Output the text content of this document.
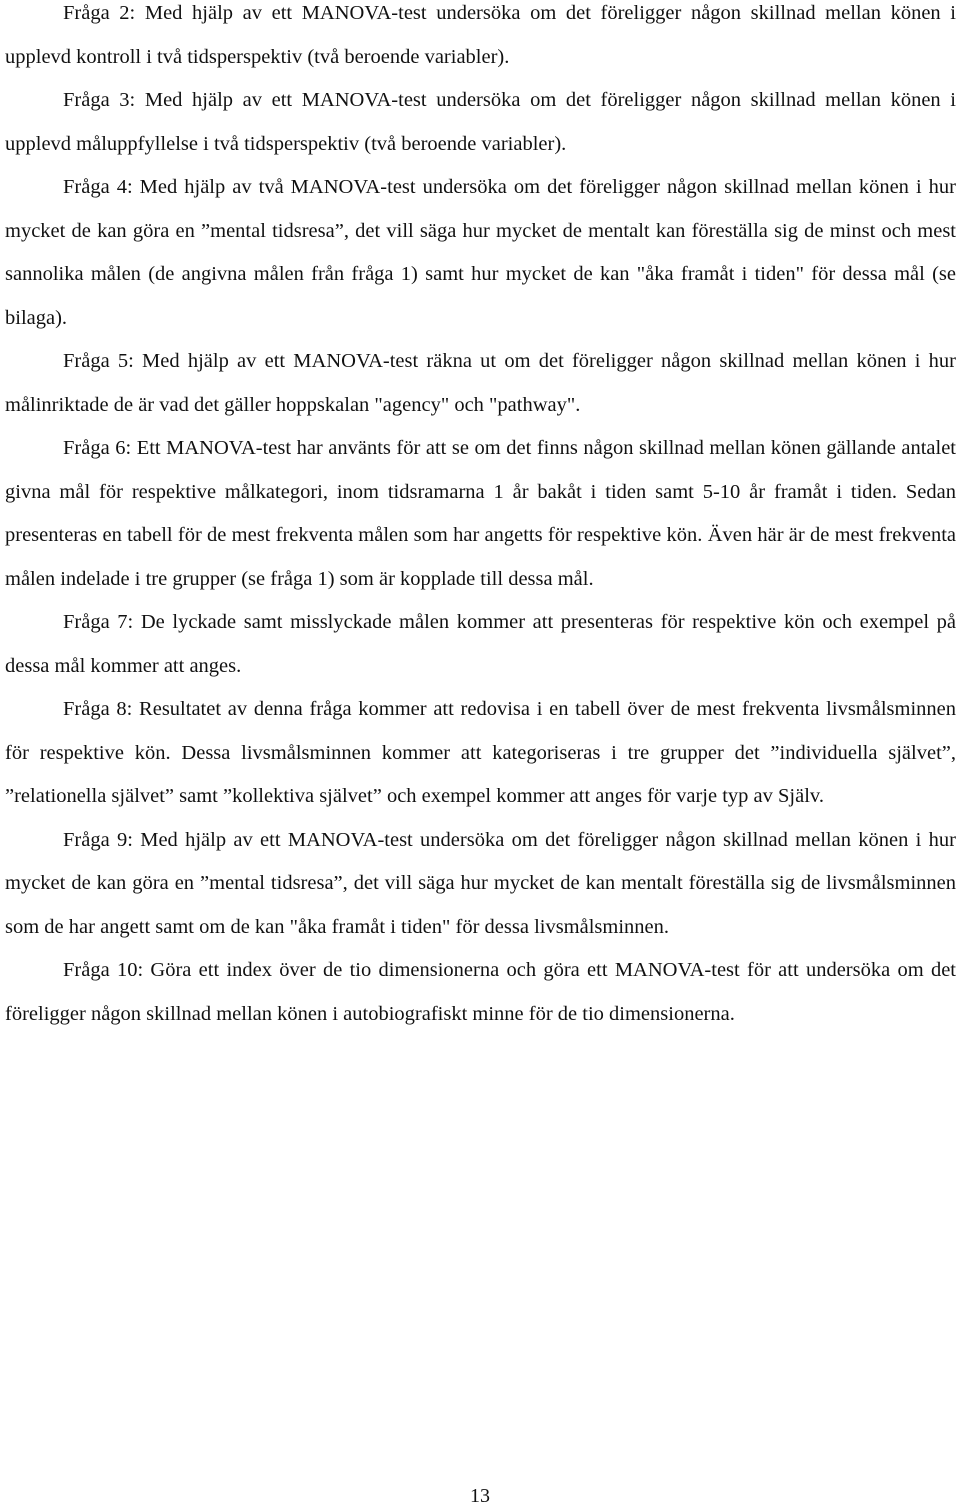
Fråga 2: Med hjälp av ett MANOVA-test undersöka om det föreligger någon skillnad mellan könen i upplevd kontroll i två tidsperspektiv (två beroende variabler).

Fråga 3: Med hjälp av ett MANOVA-test undersöka om det föreligger någon skillnad mellan könen i upplevd måluppfyllelse i två tidsperspektiv (två beroende variabler).

Fråga 4: Med hjälp av två MANOVA-test undersöka om det föreligger någon skillnad mellan könen i hur mycket de kan göra en ”mental tidsresa”, det vill säga hur mycket de mentalt kan föreställa sig de minst och mest sannolika målen (de angivna målen från fråga 1) samt hur mycket de kan "åka framåt i tiden" för dessa mål (se bilaga).

Fråga 5: Med hjälp av ett MANOVA-test räkna ut om det föreligger någon skillnad mellan könen i hur målinriktade de är vad det gäller hoppskalan "agency" och "pathway".

Fråga 6: Ett MANOVA-test har använts för att se om det finns någon skillnad mellan könen gällande antalet givna mål för respektive målkategori, inom tidsramarna 1 år bakåt i tiden samt 5-10 år framåt i tiden. Sedan presenteras en tabell för de mest frekventa målen som har angetts för respektive kön. Även här är de mest frekventa målen indelade i tre grupper (se fråga 1) som är kopplade till dessa mål.

Fråga 7: De lyckade samt misslyckade målen kommer att presenteras för respektive kön och exempel på dessa mål kommer att anges.

Fråga 8: Resultatet av denna fråga kommer att redovisa i en tabell över de mest frekventa livsmålsminnen för respektive kön. Dessa livsmålsminnen kommer att kategoriseras i tre grupper det ”individuella självet”, ”relationella självet” samt ”kollektiva självet” och exempel kommer att anges för varje typ av Själv.

Fråga 9: Med hjälp av ett MANOVA-test undersöka om det föreligger någon skillnad mellan könen i hur mycket de kan göra en ”mental tidsresa”, det vill säga hur mycket de kan mentalt föreställa sig de livsmålsminnen som de har angett samt om de kan "åka framåt i tiden" för dessa livsmålsminnen.

Fråga 10: Göra ett index över de tio dimensionerna och göra ett MANOVA-test för att undersöka om det föreligger någon skillnad mellan könen i autobiografiskt minne för de tio dimensionerna.

13
